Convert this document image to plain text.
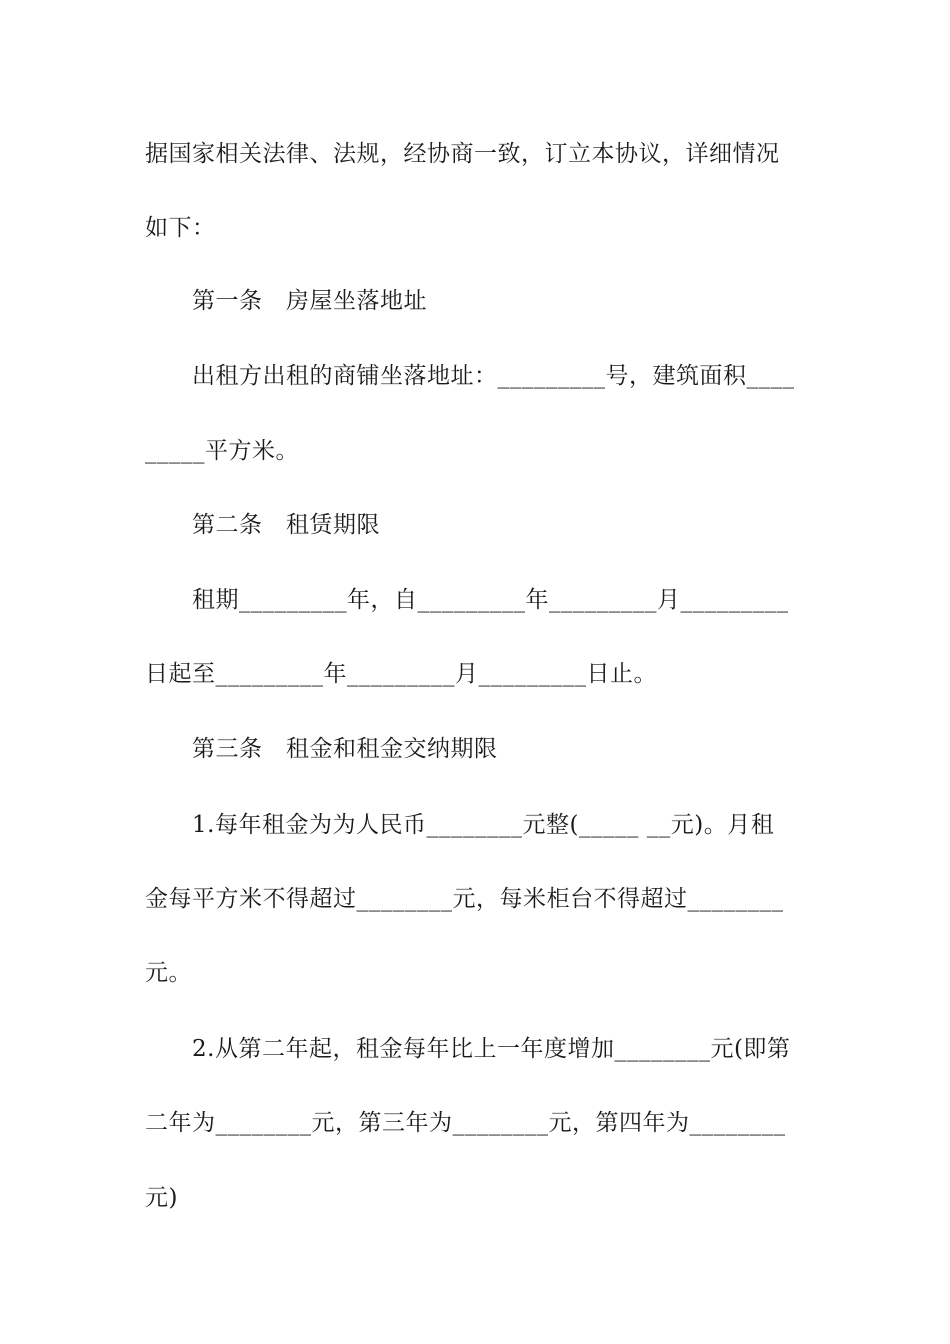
据国家相关法律、法规，经协商一致，订立本协议，详细情况
如下：
第一条　房屋坐落地址
出租方出租的商铺坐落地址：_________号，建筑面积____
_____平方米。
第二条　租赁期限
租期_________年，自_________年_________月_________
日起至_________年_________月_________日止。
第三条　租金和租金交纳期限
1.每年租金为为人民币________元整(_____ __元)。月租
金每平方米不得超过________元，每米柜台不得超过________
元。
2.从第二年起，租金每年比上一年度增加________元(即第
二年为________元，第三年为________元，第四年为________
元)
